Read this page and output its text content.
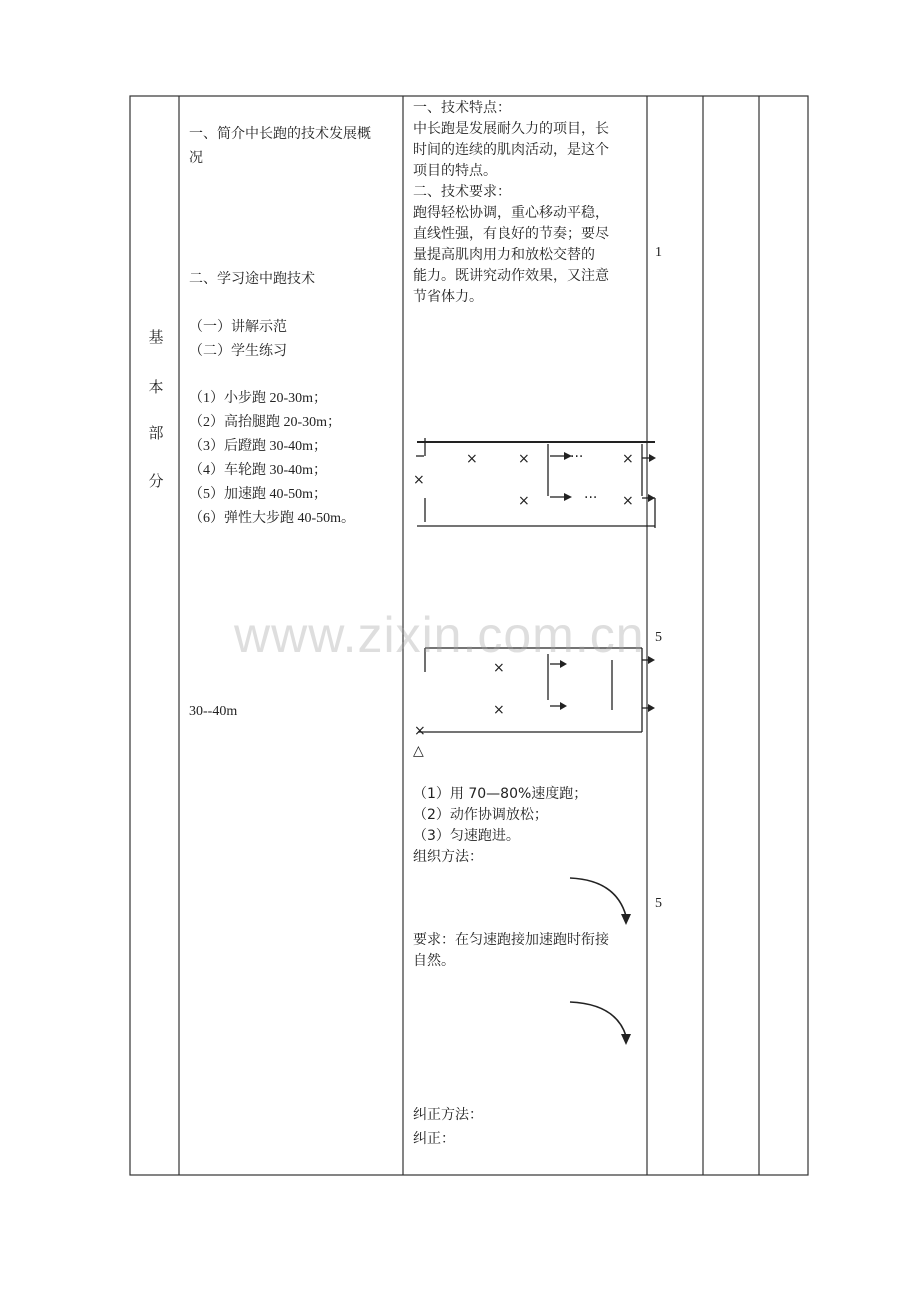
基
本
部
分
一、简介中长跑的技术发展概
况
二、学习途中跑技术
（一）讲解示范
（二）学生练习
（1）小步跑 20-30m；
（2）高抬腿跑 20-30m；
（3）后蹬跑 30-40m；
（4）车轮跑 30-40m；
（5）加速跑 40-50m；
（6）弹性大步跑 40-50m。
30--40m
一、技术特点：
中长跑是发展耐久力的项目，长
时间的连续的肌肉活动，是这个
项目的特点。
二、技术要求：
跑得轻松协调，重心移动平稳，
直线性强，有良好的节奏；要尽
量提高肌肉用力和放松交替的
能力。既讲究动作效果，又注意
节省体力。
×
×	×
×
×
×
···
···
×
×
×
△
（1）用 70—80%速度跑；
（2）动作协调放松；
（3）匀速跑进。
组织方法：
要求：在匀速跑接加速跑时衔接
自然。
纠正方法：
纠正：
1
5
5
www.zixin.com.cn
